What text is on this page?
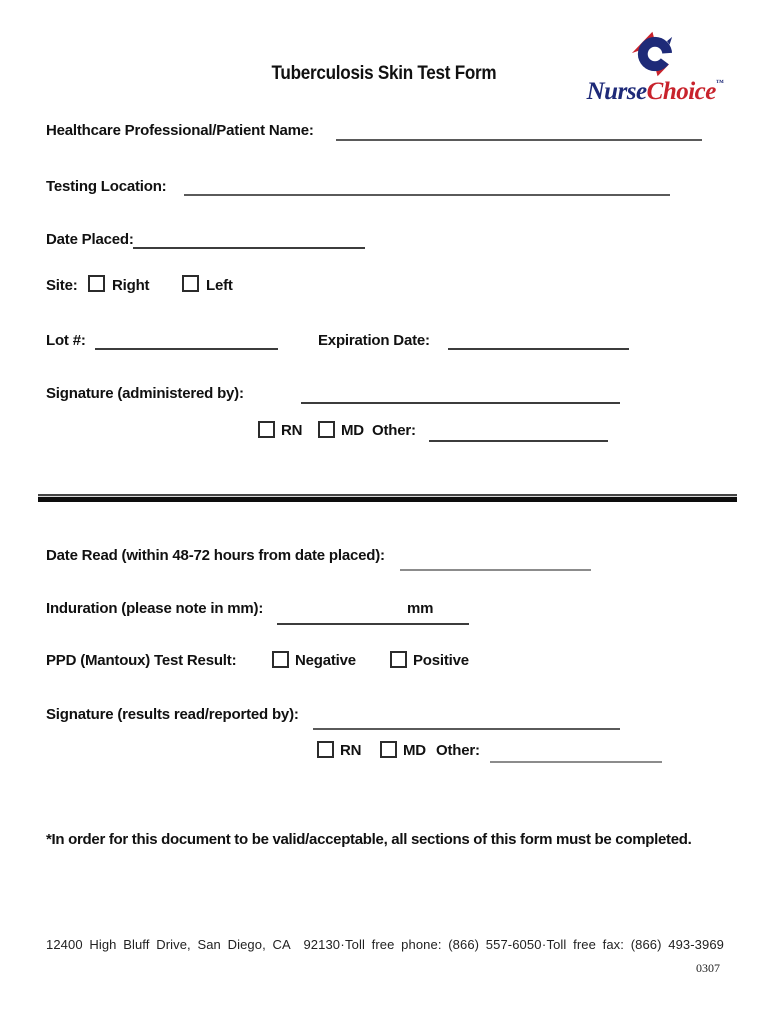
Tuberculosis Skin Test Form
NurseChoice™
Healthcare Professional/Patient Name:
Testing Location:
Date Placed:
Site: Right	Left
Lot #:	Expiration Date:
Signature (administered by):
RN	MD Other:
Date Read (within 48-72 hours from date placed):
Induration (please note in mm):	mm
PPD (Mantoux) Test Result:	Negative	Positive
Signature (results read/reported by):
RN	MD Other:
*In order for this document to be valid/acceptable, all sections of this form must be completed.
12400 High Bluff Drive, San Diego, CA  92130 · Toll free phone: (866) 557-6050 · Toll free fax: (866) 493-3969
0307
